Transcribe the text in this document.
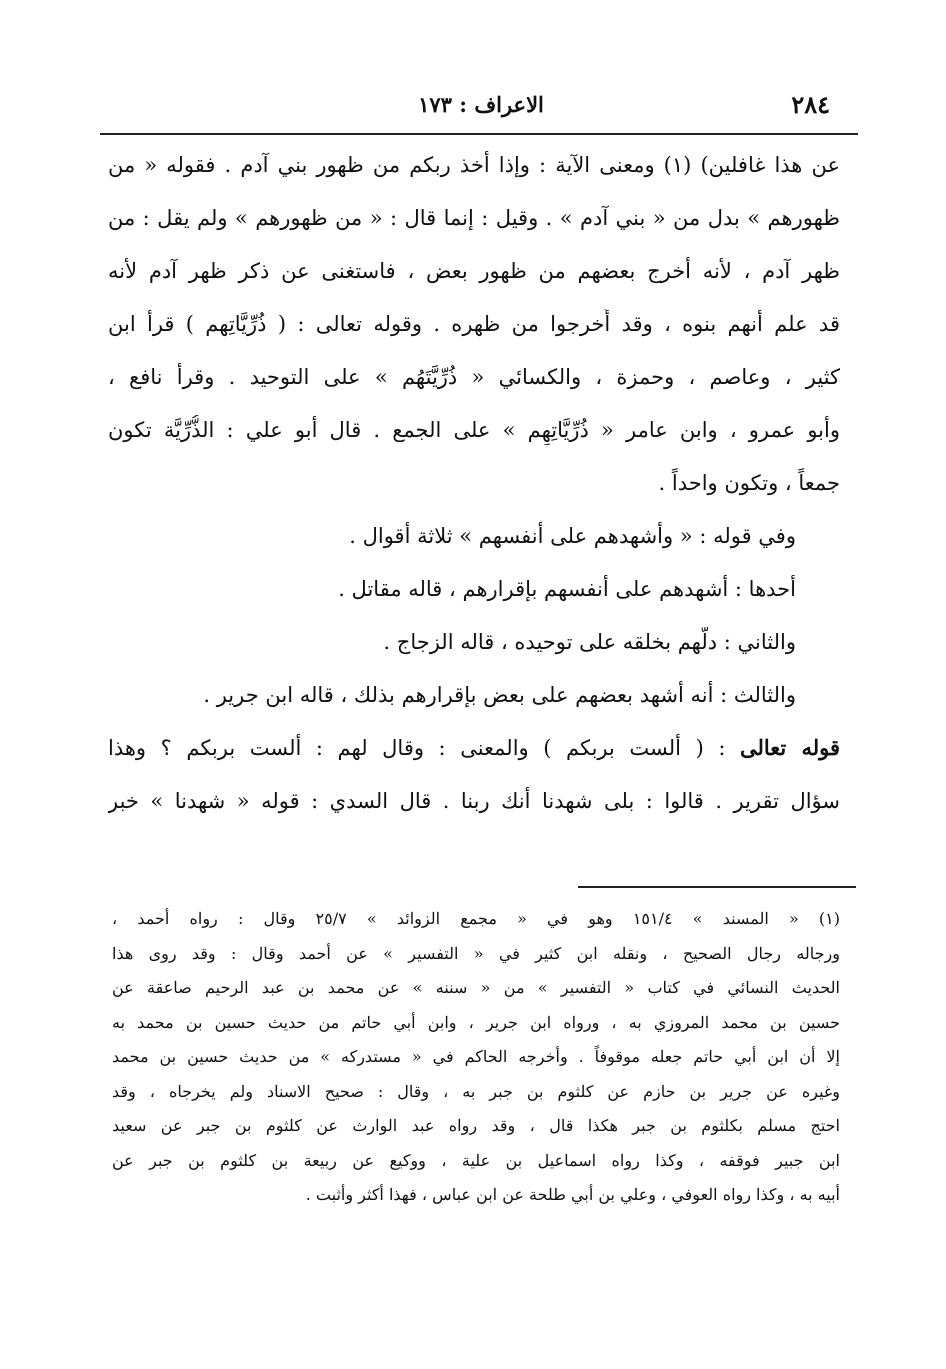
٢٨٤
الاعراف : ١٧٣
عن هذا غافلين) (١) ومعنى الآية : وإذا أخذ ربكم من ظهور بني آدم . فقوله « من
ظهورهم » بدل من « بني آدم » . وقيل : إنما قال : « من ظهورهم » ولم يقل : من
ظهر آدم ، لأنه أخرج بعضهم من ظهور بعض ، فاستغنى عن ذكر ظهر آدم لأنه
قد علم أنهم بنوه ، وقد أُخرجوا من ظهره . وقوله تعالى : ( ذُرِّيَّاتِهم ) قرأ ابن
كثير ، وعاصم ، وحمزة ، والكسائي « ذُرِّيَّتَهُم » على التوحيد . وقرأ نافع ،
وأبو عمرو ، وابن عامر « ذُرِّيَّاتِهِم » على الجمع . قال أبو علي : الذُّرِّيَّة تكون
جمعاً ، وتكون واحداً .
وفي قوله : « وأشهدهم على أنفسهم » ثلاثة أقوال .
أحدها : أشهدهم على أنفسهم بإقرارهم ، قاله مقاتل .
والثاني : دلَّهم بخلقه على توحيده ، قاله الزجاج .
والثالث : أنه أشهد بعضهم على بعض بإقرارهم بذلك ، قاله ابن جرير .
قوله تعالى : ( ألست بربكم ) والمعنى : وقال لهم : ألست بربكم ؟ وهذا
سؤال تقرير . قالوا : بلى شهدنا أنك ربنا . قال السدي : قوله « شهدنا » خبر
(١) « المسند » ١٥١/٤ وهو في « مجمع الزوائد » ٢٥/٧ وقال : رواه أحمد ،
ورجاله رجال الصحيح ، ونقله ابن كثير في « التفسير » عن أحمد وقال : وقد روى هذا
الحديث النسائي في كتاب « التفسير » من « سننه » عن محمد بن عبد الرحيم صاعقة عن
حسين بن محمد المروزي به ، ورواه ابن جرير ، وابن أبي حاتم من حديث حسين بن محمد به
إلا أن ابن أبي حاتم جعله موقوفاً . وأخرجه الحاكم في « مستدركه » من حديث حسين بن محمد
وغيره عن جرير بن حازم عن كلثوم بن جبر به ، وقال : صحيح الاسناد ولم يخرجاه ، وقد
احتج مسلم بكلثوم بن جبر هكذا قال ، وقد رواه عبد الوارث عن كلثوم بن جبر عن سعيد
ابن جبير فوقفه ، وكذا رواه اسماعيل بن علية ، ووكيع عن ربيعة بن كلثوم بن جبر عن
أبيه به ، وكذا رواه العوفي ، وعلي بن أبي طلحة عن ابن عباس ، فهذا أكثر وأثبت .
